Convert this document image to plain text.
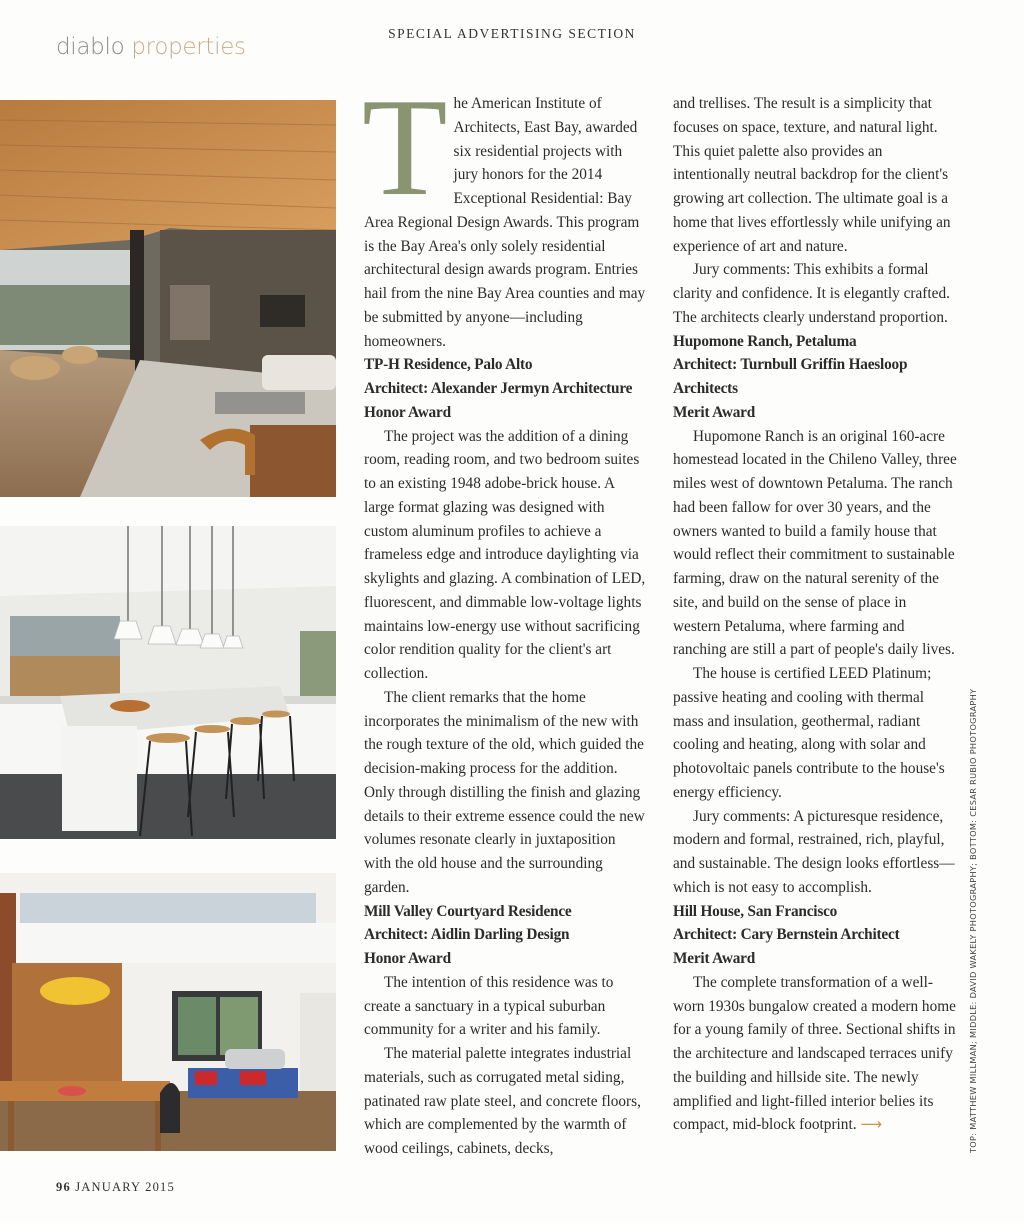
diablo properties
SPECIAL ADVERTISING SECTION

The American Institute of Architects, East Bay, awarded six residential projects with jury honors for the 2014 Exceptional Residential: Bay Area Regional Design Awards. This program is the Bay Area's only solely residential architectural design awards program. Entries hail from the nine Bay Area counties and may be submitted by anyone—including homeowners.

TP-H Residence, Palo Alto

Architect: Alexander Jermyn Architecture

Honor Award

The project was the addition of a dining room, reading room, and two bedroom suites to an existing 1948 adobe-brick house. A large format glazing was designed with custom aluminum profiles to achieve a frameless edge and introduce daylighting via skylights and glazing. A combination of LED, fluorescent, and dimmable low-voltage lights maintains low-energy use without sacrificing color rendition quality for the client's art collection.

The client remarks that the home incorporates the minimalism of the new with the rough texture of the old, which guided the decision-making process for the addition. Only through distilling the finish and glazing details to their extreme essence could the new volumes resonate clearly in juxtaposition with the old house and the surrounding garden.

Mill Valley Courtyard Residence

Architect: Aidlin Darling Design

Honor Award

The intention of this residence was to create a sanctuary in a typical suburban community for a writer and his family.

The material palette integrates industrial materials, such as corrugated metal siding, patinated raw plate steel, and concrete floors, which are complemented by the warmth of wood ceilings, cabinets, decks,

and trellises. The result is a simplicity that focuses on space, texture, and natural light. This quiet palette also provides an intentionally neutral backdrop for the client's growing art collection. The ultimate goal is a home that lives effortlessly while unifying an experience of art and nature.

Jury comments: This exhibits a formal clarity and confidence. It is elegantly crafted. The architects clearly understand proportion.

Hupomone Ranch, Petaluma

Architect: Turnbull Griffin Haesloop Architects

Merit Award

Hupomone Ranch is an original 160-acre homestead located in the Chileno Valley, three miles west of downtown Petaluma. The ranch had been fallow for over 30 years, and the owners wanted to build a family house that would reflect their commitment to sustainable farming, draw on the natural serenity of the site, and build on the sense of place in western Petaluma, where farming and ranching are still a part of people's daily lives.

The house is certified LEED Platinum; passive heating and cooling with thermal mass and insulation, geothermal, radiant cooling and heating, along with solar and photovoltaic panels contribute to the house's energy efficiency.

Jury comments: A picturesque residence, modern and formal, restrained, rich, playful, and sustainable. The design looks effortless—which is not easy to accomplish.

Hill House, San Francisco

Architect: Cary Bernstein Architect

Merit Award

The complete transformation of a well-worn 1930s bungalow created a modern home for a young family of three. Sectional shifts in the architecture and landscaped terraces unify the building and hillside site. The newly amplified and light-filled interior belies its compact, mid-block footprint. ⟶

96 JANUARY 2015
TOP: MATTHEW MILLMAN; MIDDLE: DAVID WAKELY PHOTOGRAPHY; BOTTOM: CESAR RUBIO PHOTOGRAPHY
